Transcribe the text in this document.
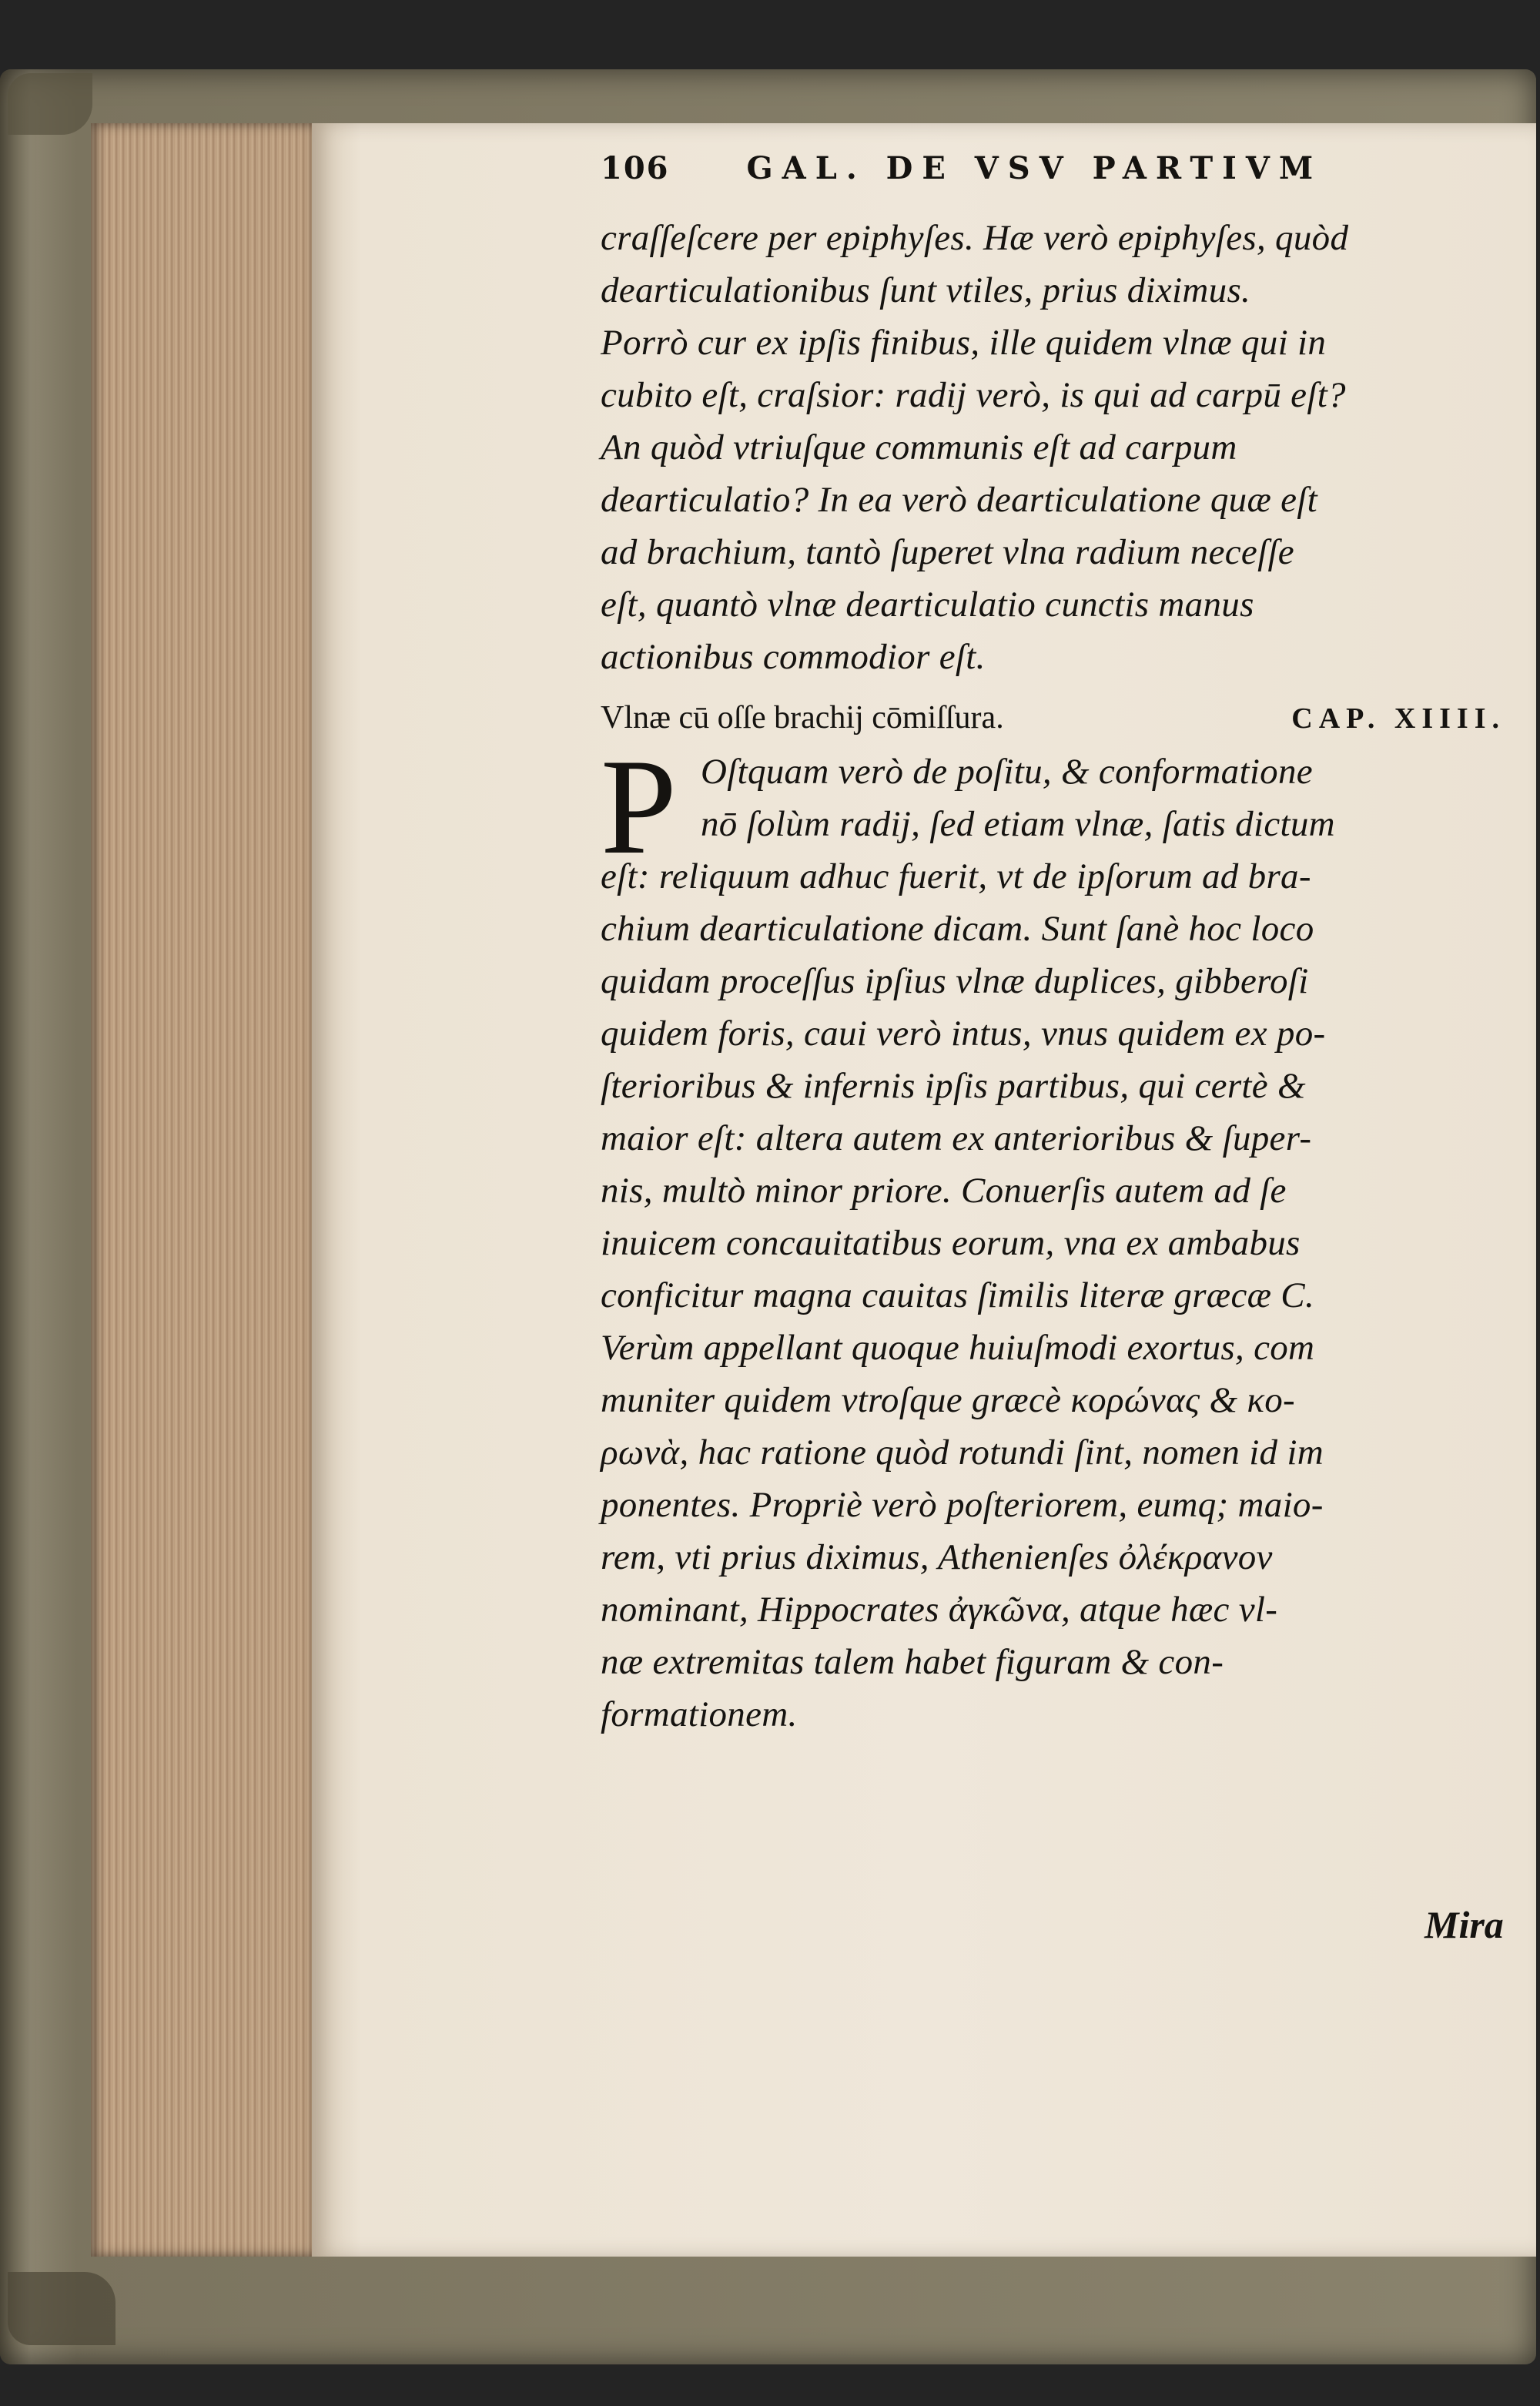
106	GAL. DE VSV PARTIVM
craſſeſcere per epiphyſes. Hæ verò epiphyſes, quòd
dearticulationibus ſunt vtiles, prius diximus.
Porrò cur ex ipſis finibus, ille quidem vlnæ qui in
cubito eſt, craſsior: radij verò, is qui ad carpū eſt?
An quòd vtriuſque communis eſt ad carpum
dearticulatio? In ea verò dearticulatione quæ eſt
ad brachium, tantò ſuperet vlna radium neceſſe
eſt, quantò vlnæ dearticulatio cunctis manus
actionibus commodior eſt.
Vlnæ cū oſſe brachij cōmiſſura.	CAP. XIIII.
P Oſtquam verò de poſitu, & conformatione
nō ſolùm radij, ſed etiam vlnæ, ſatis dictum
eſt: reliquum adhuc fuerit, vt de ipſorum ad bra-
chium dearticulatione dicam. Sunt ſanè hoc loco
quidam proceſſus ipſius vlnæ duplices, gibberoſi
quidem foris, caui verò intus, vnus quidem ex po-
ſterioribus & infernis ipſis partibus, qui certè &
maior eſt: altera autem ex anterioribus & ſuper-
nis, multò minor priore. Conuerſis autem ad ſe
inuicem concauitatibus eorum, vna ex ambabus
conficitur magna cauitas ſimilis literæ græcæ C.
Verùm appellant quoque huiuſmodi exortus, com
muniter quidem vtroſque græcè κορώνας & κο-
ρωνὰ, hac ratione quòd rotundi ſint, nomen id im
ponentes. Propriè verò poſteriorem, eumq; maio-
rem, vti prius diximus, Athenienſes ὀλέκρανον
nominant, Hippocrates ἀγκῶνα, atque hæc vl-
næ extremitas talem habet figuram & con-
formationem.
Mira
